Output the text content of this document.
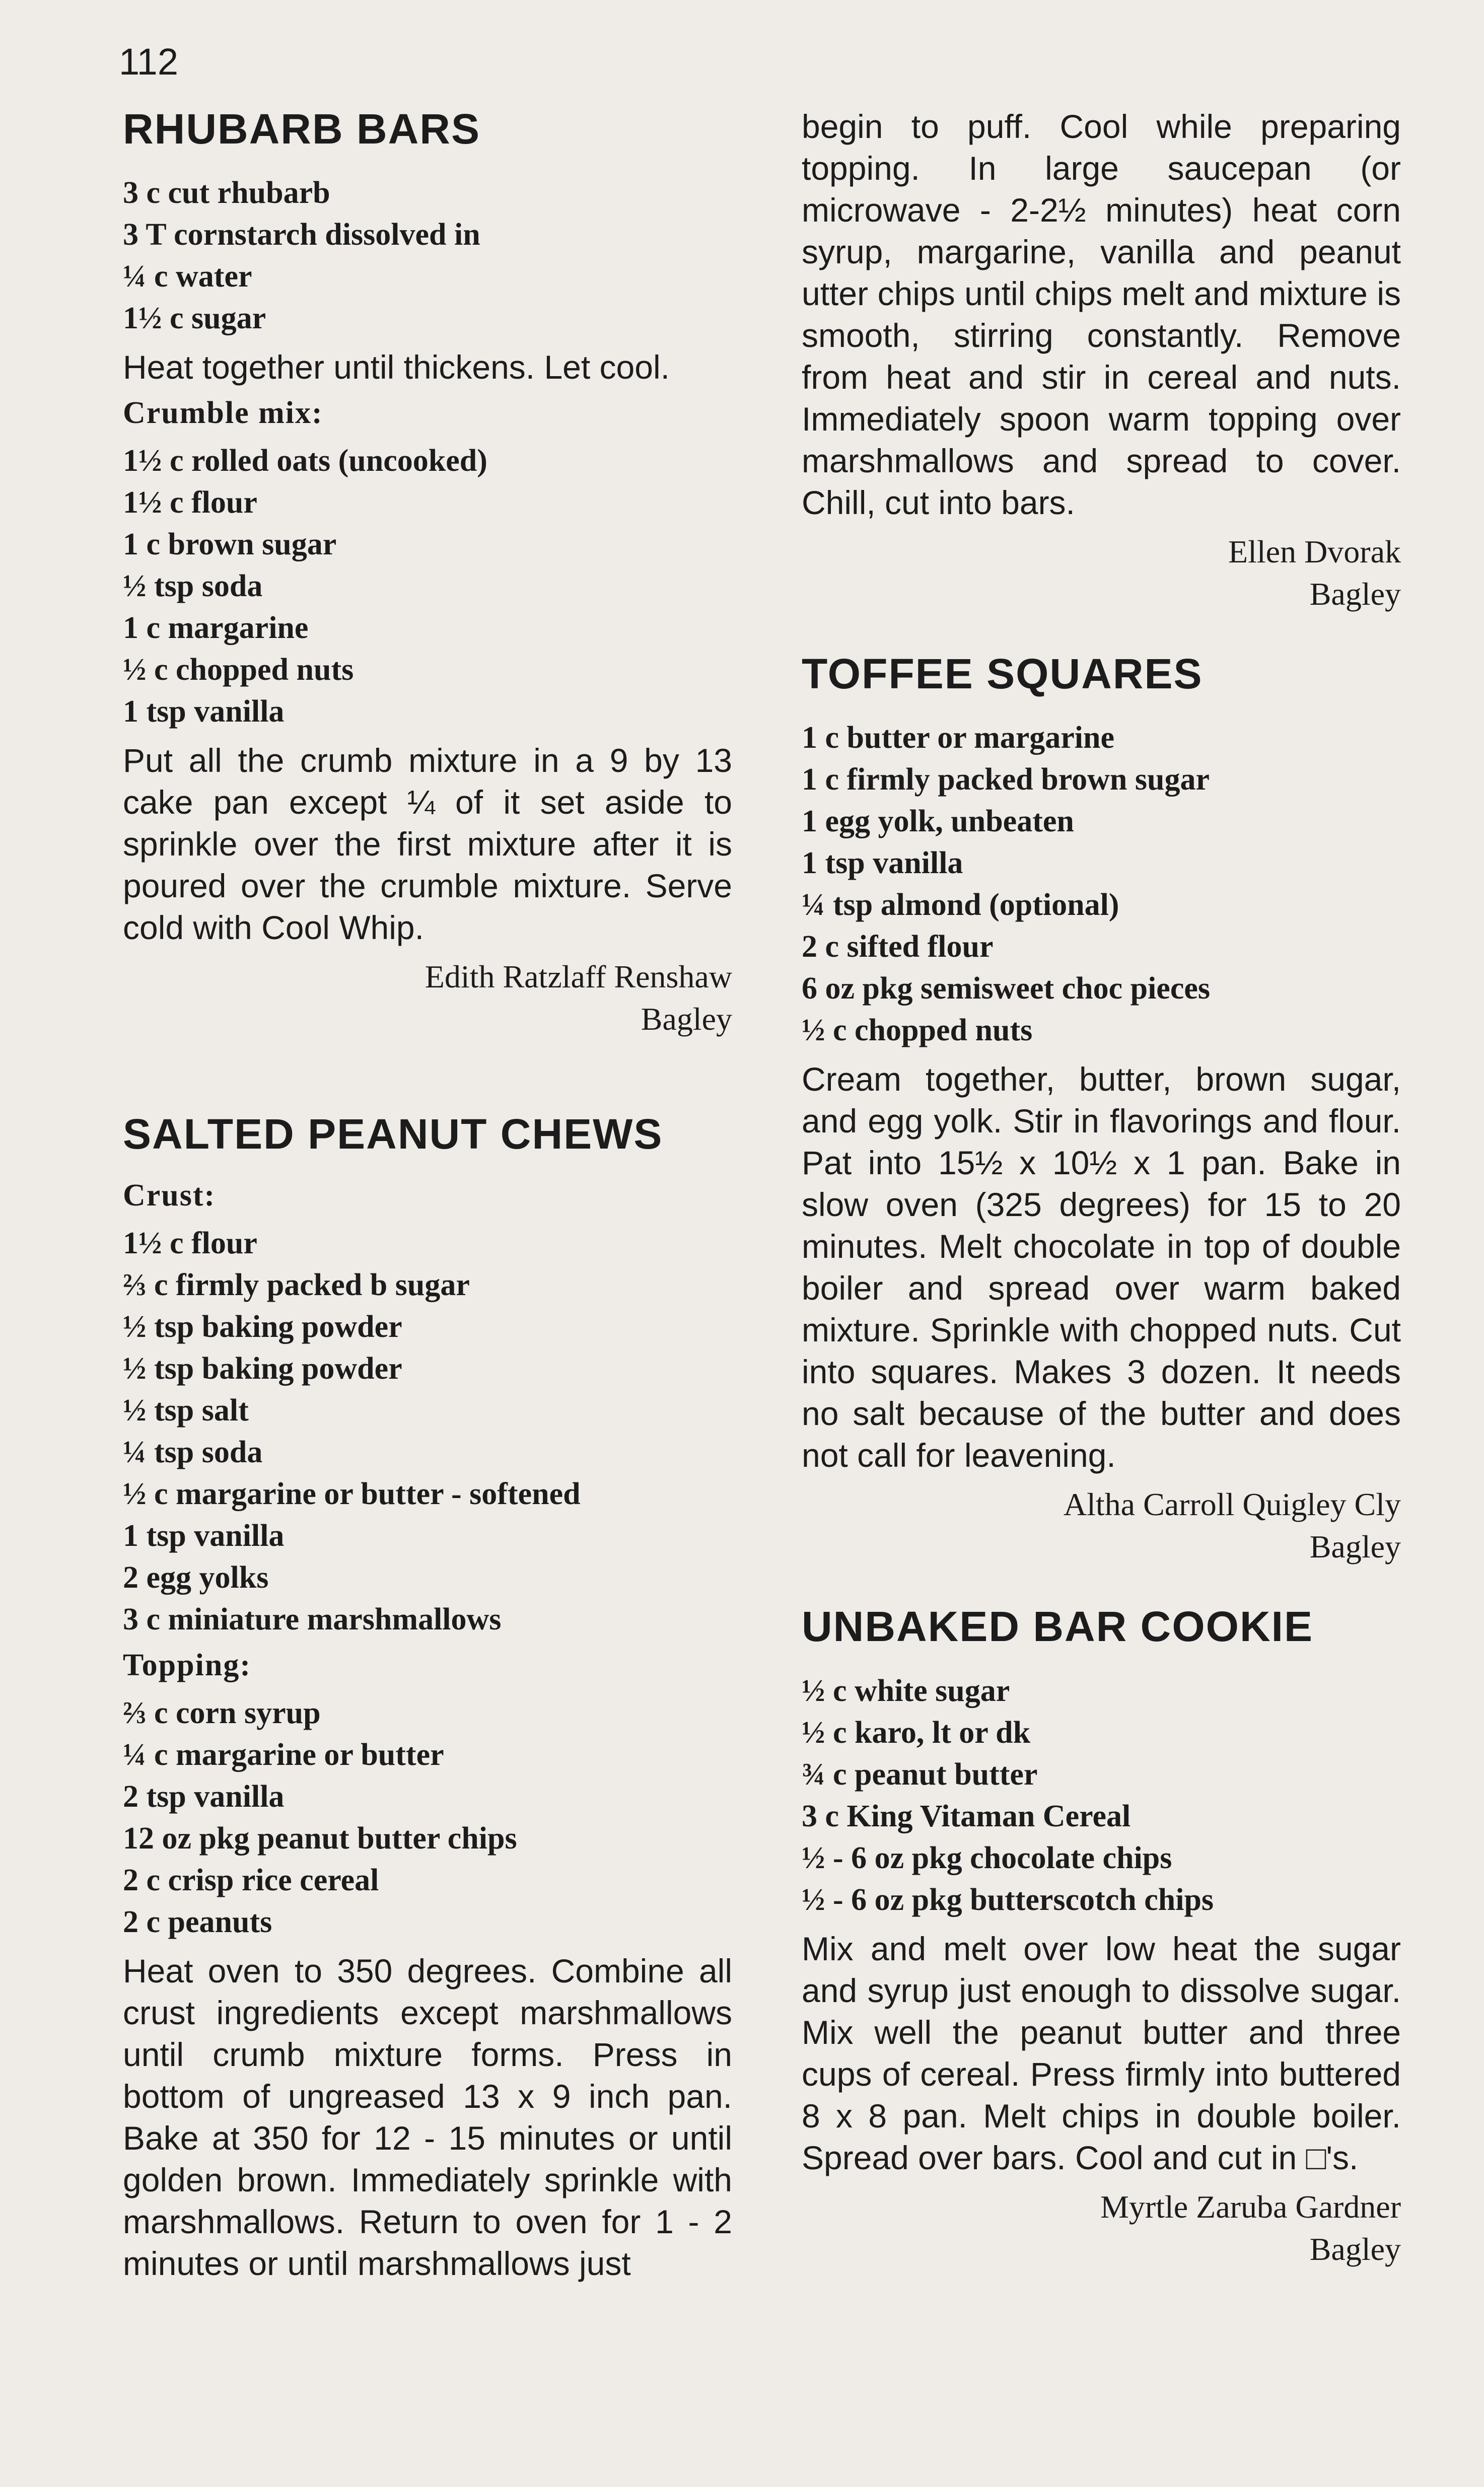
112
RHUBARB BARS
3 c cut rhubarb
3 T cornstarch dissolved in
¼ c water
1½ c sugar

Heat together until thickens. Let cool.

Crumble mix:
1½ c rolled oats (uncooked)
1½ c flour
1 c brown sugar
½ tsp soda
1 c margarine
½ c chopped nuts
1 tsp vanilla

Put all the crumb mixture in a 9 by 13 cake pan except ¼ of it set aside to sprinkle over the first mixture after it is poured over the crumble mixture. Serve cold with Cool Whip.

Edith Ratzlaff Renshaw
Bagley
SALTED PEANUT CHEWS
Crust:
1½ c flour
⅔ c firmly packed b sugar
½ tsp baking powder
½ tsp baking powder
½ tsp salt
¼ tsp soda
½ c margarine or butter - softened
1 tsp vanilla
2 egg yolks
3 c miniature marshmallows
Topping:
⅔ c corn syrup
¼ c margarine or butter
2 tsp vanilla
12 oz pkg peanut butter chips
2 c crisp rice cereal
2 c peanuts

Heat oven to 350 degrees. Combine all crust ingredients except marshmallows until crumb mixture forms. Press in bottom of ungreased 13 x 9 inch pan. Bake at 350 for 12 - 15 minutes or until golden brown. Immediately sprinkle with marshmallows. Return to oven for 1 - 2 minutes or until marshmallows just

begin to puff. Cool while preparing topping. In large saucepan (or microwave - 2-2½ minutes) heat corn syrup, margarine, vanilla and peanut utter chips until chips melt and mixture is smooth, stirring constantly. Remove from heat and stir in cereal and nuts. Immediately spoon warm topping over marshmallows and spread to cover. Chill, cut into bars.

Ellen Dvorak
Bagley
TOFFEE SQUARES
1 c butter or margarine
1 c firmly packed brown sugar
1 egg yolk, unbeaten
1 tsp vanilla
¼ tsp almond (optional)
2 c sifted flour
6 oz pkg semisweet choc pieces
½ c chopped nuts

Cream together, butter, brown sugar, and egg yolk. Stir in flavorings and flour. Pat into 15½ x 10½ x 1 pan. Bake in slow oven (325 degrees) for 15 to 20 minutes. Melt chocolate in top of double boiler and spread over warm baked mixture. Sprinkle with chopped nuts. Cut into squares. Makes 3 dozen. It needs no salt because of the butter and does not call for leavening.

Altha Carroll Quigley Cly
Bagley
UNBAKED BAR COOKIE
½ c white sugar
½ c karo, lt or dk
¾ c peanut butter
3 c King Vitaman Cereal
½ - 6 oz pkg chocolate chips
½ - 6 oz pkg butterscotch chips

Mix and melt over low heat the sugar and syrup just enough to dissolve sugar. Mix well the peanut butter and three cups of cereal. Press firmly into buttered 8 x 8 pan. Melt chips in double boiler. Spread over bars. Cool and cut in □'s.

Myrtle Zaruba Gardner
Bagley
